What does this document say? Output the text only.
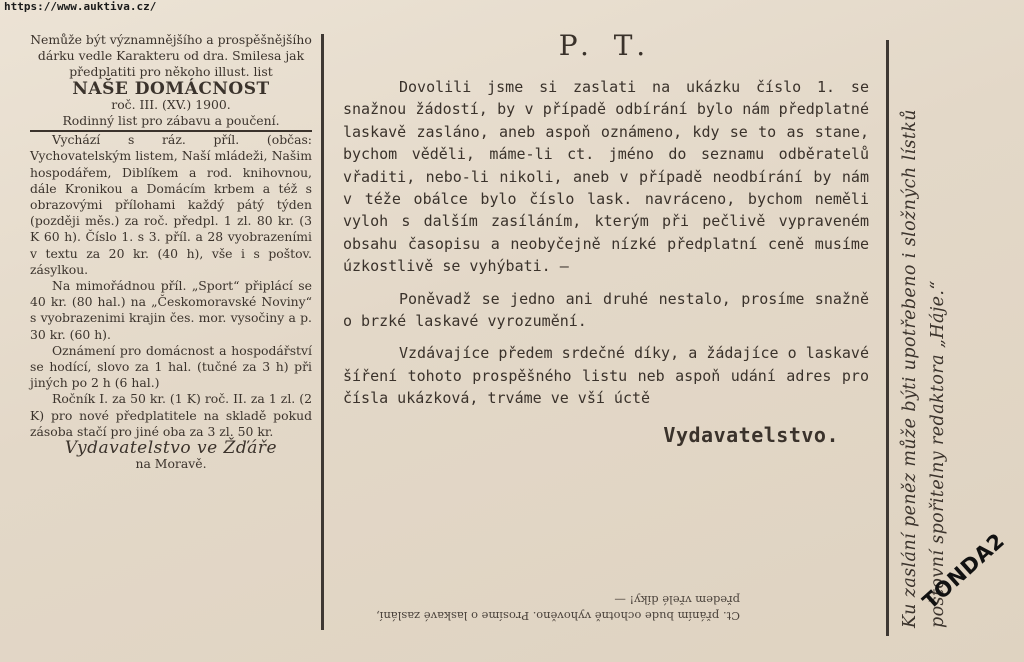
https://www.auktiva.cz/

Nemůže být významnějšího a prospěšnějšího dárku vedle Karakteru od dra. Smilesa jak předplatiti pro někoho illust. list

NAŠE DOMÁCNOST

roč. III. (XV.) 1900.

Rodinný list pro zábavu a poučení.

Vychází s ráz. příl. (občas: Vychovatelským listem, Naší mládeži, Našim hospodářem, Diblíkem a rod. knihovnou, dále Kronikou a Domácím krbem a též s obrazovými přílohami každý pátý týden (později měs.) za roč. předpl. 1 zl. 80 kr. (3 K 60 h). Číslo 1. s 3. příl. a 28 vyobrazeními v textu za 20 kr. (40 h), vše i s poštov. zásylkou.

Na mimořádnou příl. „Sport“ připlácí se 40 kr. (80 hal.) na „Českomoravské Noviny“ s vyobrazenimi krajin čes. mor. vysočiny a p. 30 kr. (60 h).

Oznámení pro domácnost a hospodářství se hodící, slovo za 1 hal. (tučné za 3 h) při jiných po 2 h (6 hal.)

Ročník I. za 50 kr. (1 K) roč. II. za 1 zl. (2 K) pro nové předplatitele na skladě pokud zásoba stačí pro jiné oba za 3 zl. 50 kr.

Vydavatelstvo ve Žďáře

na Moravě.

P. T.

Dovolili jsme si zaslati na ukázku číslo 1. se snažnou žádostí, by v případě odbírání bylo nám předplatné laskavě zasláno, aneb aspoň oznámeno, kdy se to as stane, bychom věděli, máme-li ct. jméno do seznamu odběratelů vřaditi, nebo-li nikoli, aneb v případě neodbírání by nám v téže obálce bylo číslo lask. navráceno, bychom neměli vyloh s dalším zasíláním, kterým při pečlivě vypraveném obsahu časopisu a neobyčejně nízké předplatní ceně musíme úzkostlivě se vyhýbati. —

Poněvadž se jedno ani druhé nestalo, prosíme snažně o brzké laskavé vyrozumění.

Vzdávajíce předem srdečné díky, a žádajíce o laskavé šíření tohoto prospěšného listu neb aspoň udání adres pro čísla ukázková, trváme ve vší úctě

Vydavatelstvo.

Ct. přáním bude ochotně vyhověno. Prosíme o laskavé zaslání, předem vřelé díky! —	Ku zaslání peněz může býti upotřebeno i složných lístků poštovní spořitelny redaktora „Háje.“
TONDA2
